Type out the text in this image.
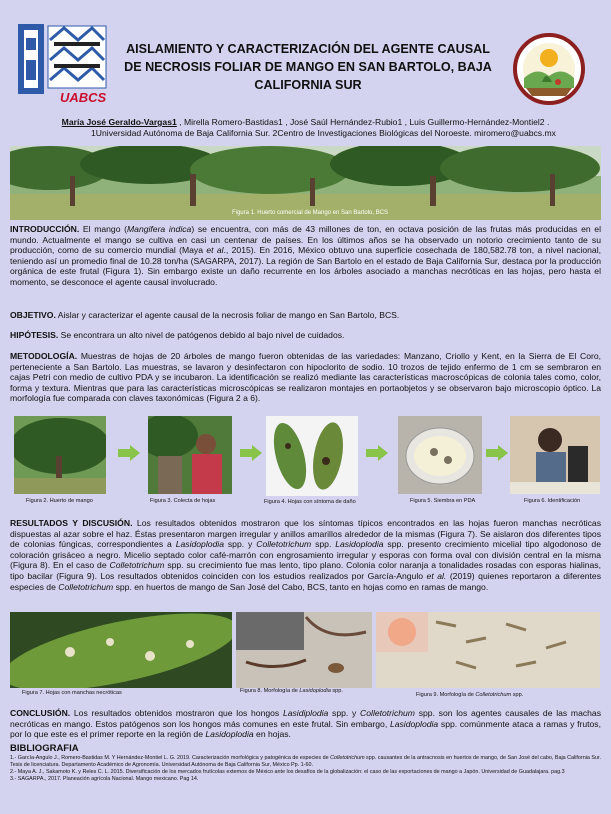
UABCS
AISLAMIENTO Y CARACTERIZACIÓN DEL AGENTE CAUSAL DE NECROSIS FOLIAR DE MANGO EN SAN BARTOLO, BAJA CALIFORNIA SUR
María José Geraldo-Vargas1 , Mirella Romero-Bastidas1 , José Saúl Hernández-Rubio1 , Luis Guillermo-Hernández-Montiel2 .
1Universidad Autónoma de Baja California Sur. 2Centro de Investigaciones Biológicas del Noroeste. miromero@uabcs.mx
Figura 1. Huerto comercial de Mango en San Bartolo, BCS
INTRODUCCIÓN. El mango (Mangifera indica) se encuentra, con más de 43 millones de ton, en octava posición de las frutas más producidas en el mundo. Actualmente el mango se cultiva en casi un centenar de países. En los últimos años se ha observado un notorio crecimiento tanto de su producción, como de su comercio mundial (Maya et al., 2015). En 2016, México obtuvo una superficie cosechada de 180,582.78 ton, a nivel nacional, teniendo así un promedio final de 10.28 ton/ha (SAGARPA, 2017). La región de San Bartolo en el estado de Baja California Sur, destaca por la producción orgánica de este frutal (Figura 1). Sin embargo existe un daño recurrente en los árboles asociado a manchas necróticas en las hojas, pero hasta el momento, se desconoce el agente causal involucrado.
OBJETIVO. Aislar y caracterizar el agente causal de la necrosis foliar de mango en San Bartolo, BCS.
HIPÓTESIS. Se encontrara un alto nivel de patógenos debido al bajo nivel de cuidados.
METODOLOGÍA. Muestras de hojas de 20 árboles de mango fueron obtenidas de las variedades: Manzano, Criollo y Kent, en la Sierra de El Coro, perteneciente a San Bartolo. Las muestras, se lavaron y desinfectaron con hipoclorito de sodio. 10 trozos de tejido enfermo de 1 cm se sembraron en cajas Petri con medio de cultivo PDA y se incubaron. La identificación se realizó mediante las características macroscópicas de colonia tales como, color, forma y textura. Mientras que para las características microscópicas se realizaron montajes en portaobjetos y se observaron bajo microscopio óptico. La morfología fue comparada con claves taxonómicas (Figura 2 a 6).
Figura 2. Huerto de mango	Figura 3. Colecta de hojas	Figura 4. Hojas con síntoma de daño	Figura 5. Siembra en PDA	Figura 6. Identificación
RESULTADOS Y DISCUSIÓN. Los resultados obtenidos mostraron que los síntomas típicos encontrados en las hojas fueron manchas necróticas dispuestas al azar sobre el haz. Éstas presentaron margen irregular y anillos amarillos alrededor de la mismas (Figura 7). Se aislaron dos diferentes tipos de colonias fúngicas, correspondientes a Lasidoplodia spp. y Colletotrichum spp. Lasidoplodia spp. presento crecimiento micelial tipo algodonoso de coloración grisáceo a negro. Micelio septado color café-marrón con engrosamiento irregular y esporas con forma oval con división central en la misma (Figura 8). En el caso de Colletotrichum spp. su crecimiento fue mas lento, tipo plano. Colonia color naranja a tonalidades rosadas con esporas hialinas, tipo bacilar (Figura 9). Los resultados obtenidos coinciden con los estudios realizados por García-Angulo et al. (2019) quienes reportaron a diferentes especies de Colletotrichum spp. en huertos de mango de San José del Cabo, BCS, tanto en hojas como en ramas de mango.
Figura 7. Hojas con manchas necróticas	Figura 8. Morfología de Lasidoplodia spp.
Figura 9. Morfología de Colletotrichum spp.
CONCLUSIÓN. Los resultados obtenidos mostraron que los hongos Lasidiplodia spp. y Colletotrichum spp. son los agentes causales de las machas necróticas en mango. Estos patógenos son los hongos más comunes en este frutal. Sin embargo, Lasidoplodia spp. comúnmente ataca a ramas y frutos, por lo que este es el primer reporte en la región de Lasidoplodia en hojas.
BIBLIOGRAFIA
1.- García-Angulo J., Romero-Bastidas M. Y Hernández-Montiel L. G. 2019. Caracterización morfológica y patogénica de especies de Colletotrichum spp. causantes de la antracnosis en huertos de mango, de San José del cabo, Baja California Sur. Tesis de licenciatura. Departamento Académico de Agronomía. Universidad Autónoma de Baja California Sur, México Pp. 1-60.
2.- Maya A. J., Sakamoto K. y Reles C. L. 2015. Diversificación de los mercados frutícolas externos de México ante los desafíos de la globalización: el caso de las exportaciones de mango a Japón. Universidad de Guadalajara. pag.3
3.- SAGARPA., 2017. Planeación agrícola Nacional. Mango mexicano. Pag 14.
